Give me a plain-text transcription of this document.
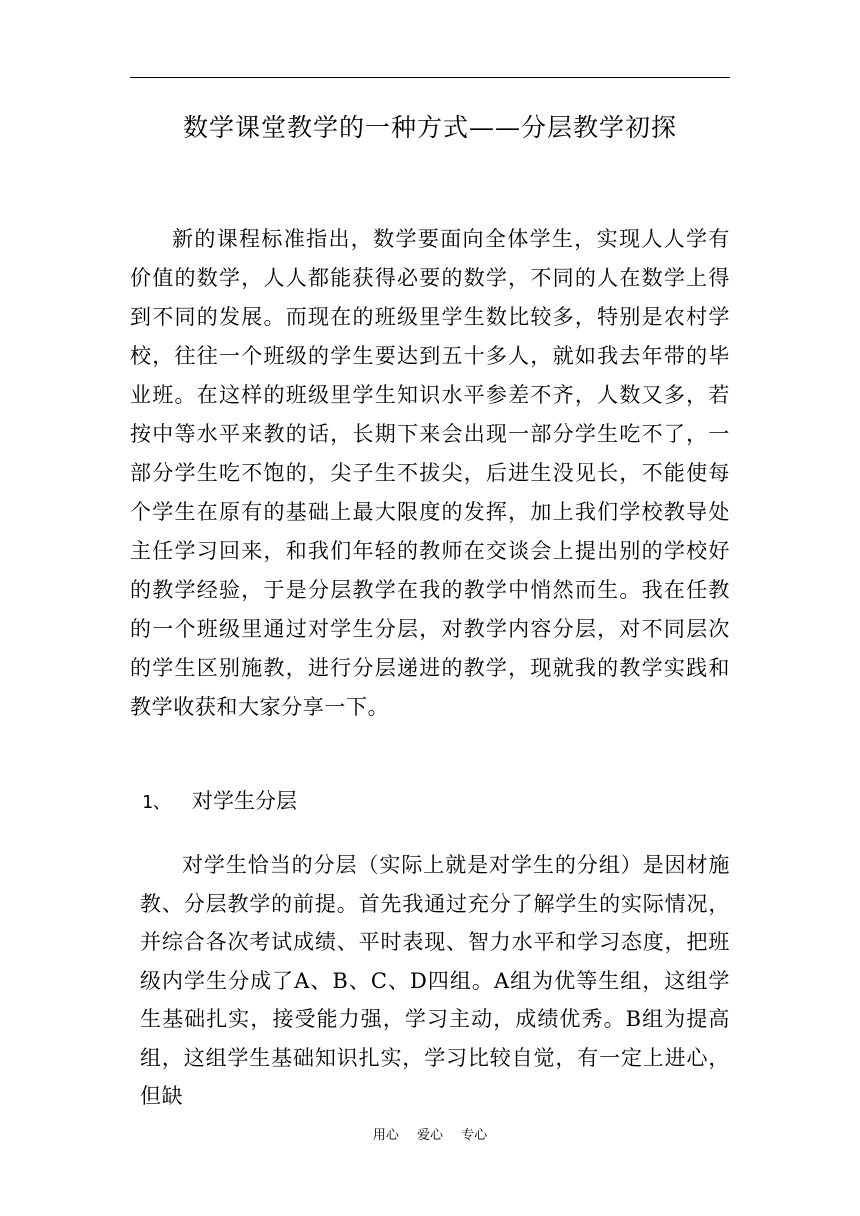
数学课堂教学的一种方式——分层教学初探

新的课程标准指出，数学要面向全体学生，实现人人学有价值的数学，人人都能获得必要的数学，不同的人在数学上得到不同的发展。而现在的班级里学生数比较多，特别是农村学校，往往一个班级的学生要达到五十多人，就如我去年带的毕业班。在这样的班级里学生知识水平参差不齐，人数又多，若按中等水平来教的话，长期下来会出现一部分学生吃不了，一部分学生吃不饱的，尖子生不拔尖，后进生没见长，不能使每个学生在原有的基础上最大限度的发挥，加上我们学校教导处主任学习回来，和我们年轻的教师在交谈会上提出别的学校好的教学经验，于是分层教学在我的教学中悄然而生。我在任教的一个班级里通过对学生分层，对教学内容分层，对不同层次的学生区别施教，进行分层递进的教学，现就我的教学实践和教学收获和大家分享一下。

1、 对学生分层

对学生恰当的分层（实际上就是对学生的分组）是因材施教、分层教学的前提。首先我通过充分了解学生的实际情况，并综合各次考试成绩、平时表现、智力水平和学习态度，把班级内学生分成了A、B、C、D四组。A组为优等生组，这组学生基础扎实，接受能力强，学习主动，成绩优秀。B组为提高组，这组学生基础知识扎实，学习比较自觉，有一定上进心，但缺

用心 爱心 专心
